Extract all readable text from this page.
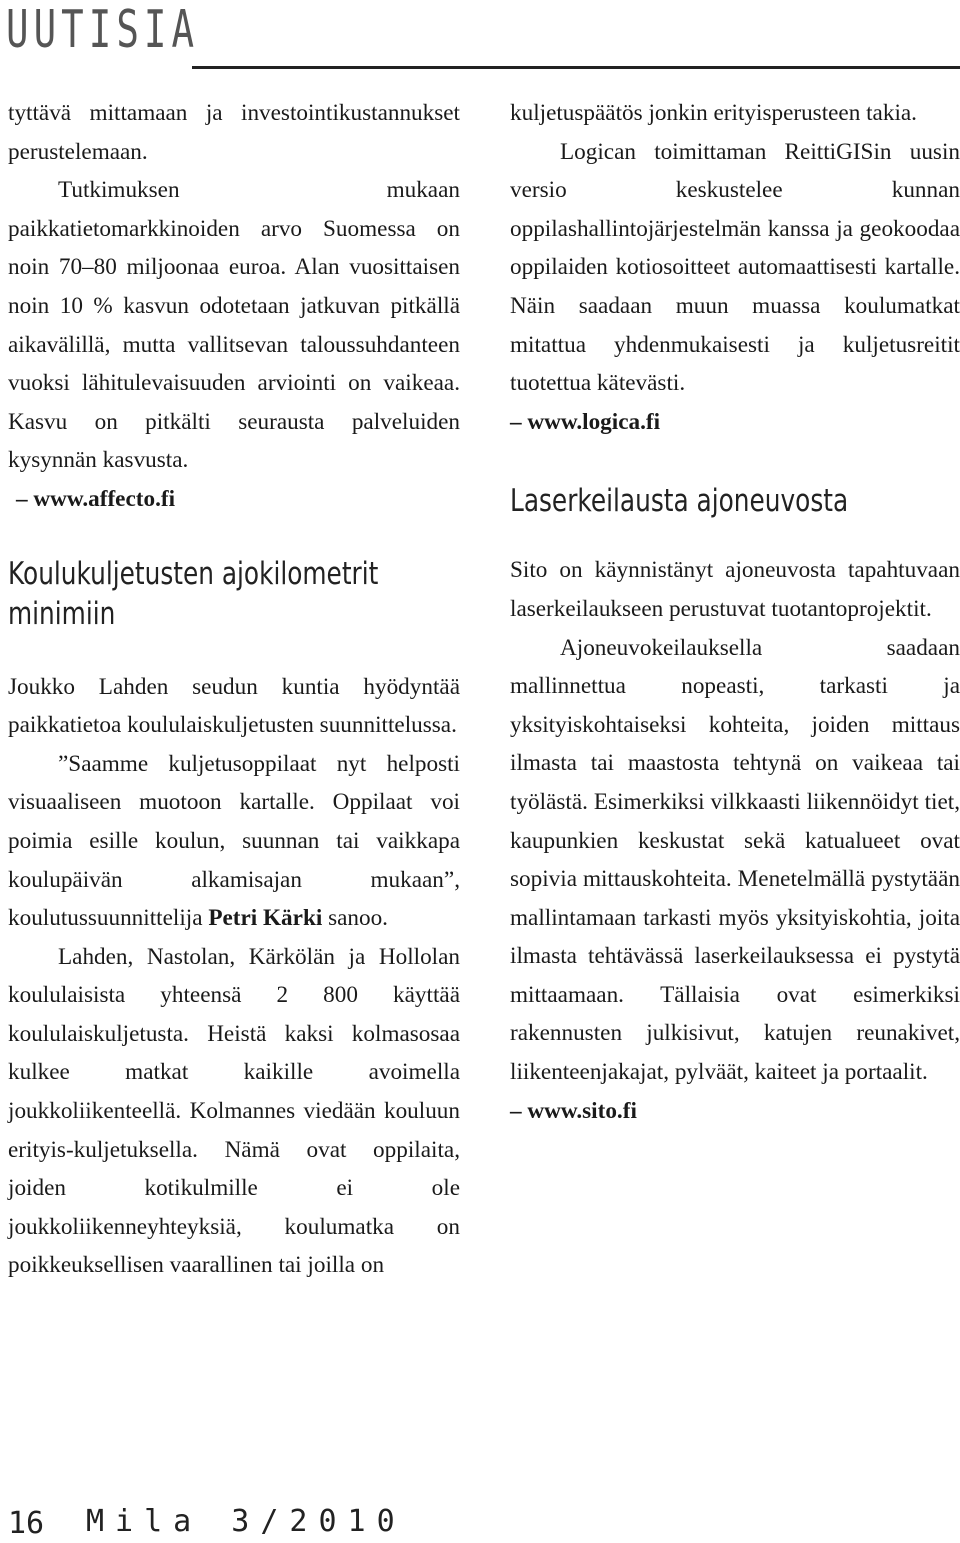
UUTISIA

tyttävä mittamaan ja investointikustannukset perustelemaan.

Tutkimuksen mukaan paikkatietomarkkinoiden arvo Suomessa on noin 70–80 miljoonaa euroa. Alan vuosittaisen noin 10 % kasvun odotetaan jatkuvan pitkällä aikavälillä, mutta vallitsevan taloussuhdanteen vuoksi lähitulevaisuuden arviointi on vaikeaa. Kasvu on pitkälti seurausta palveluiden kysynnän kasvusta.

– www.affecto.fi

Koulukuljetusten ajokilometrit minimiin

Joukko Lahden seudun kuntia hyödyntää paikkatietoa koululaiskuljetusten suunnittelussa.

”Saamme kuljetusoppilaat nyt helposti visuaaliseen muotoon kartalle. Oppilaat voi poimia esille koulun, suunnan tai vaikkapa koulupäivän alkamisajan mukaan”, koulutussuunnittelija Petri Kärki sanoo.

Lahden, Nastolan, Kärkölän ja Hollolan koululaisista yhteensä 2 800 käyttää koululaiskuljetusta. Heistä kaksi kolmasosaa kulkee matkat kaikille avoimella joukkoliikenteellä. Kolmannes viedään kouluun erityis-kuljetuksella. Nämä ovat oppilaita, joiden kotikulmille ei ole joukkoliikenneyhteyksiä, koulumatka on poikkeuksellisen vaarallinen tai joilla on

kuljetuspäätös jonkin erityisperusteen takia.

Logican toimittaman ReittiGISin uusin versio keskustelee kunnan oppilashallintojärjestelmän kanssa ja geokoodaa oppilaiden kotiosoitteet automaattisesti kartalle. Näin saadaan muun muassa koulumatkat mitattua yhdenmukaisesti ja kuljetusreitit tuotettua kätevästi.

– www.logica.fi

Laserkeilausta ajoneuvosta

Sito on käynnistänyt ajoneuvosta tapahtuvaan laserkeilaukseen perustuvat tuotantoprojektit.

Ajoneuvokeilauksella saadaan mallinnettua nopeasti, tarkasti ja yksityiskohtaiseksi kohteita, joiden mittaus ilmasta tai maastosta tehtynä on vaikeaa tai työlästä. Esimerkiksi vilkkaasti liikennöidyt tiet, kaupunkien keskustat sekä katualueet ovat sopivia mittauskohteita. Menetelmällä pystytään mallintamaan tarkasti myös yksityiskohtia, joita ilmasta tehtävässä laserkeilauksessa ei pystytä mittaamaan. Tällaisia ovat esimerkiksi rakennusten julkisivut, katujen reunakivet, liikenteenjakajat, pylväät, kaiteet ja portaalit.

– www.sito.fi

16 Mila 3/2010
